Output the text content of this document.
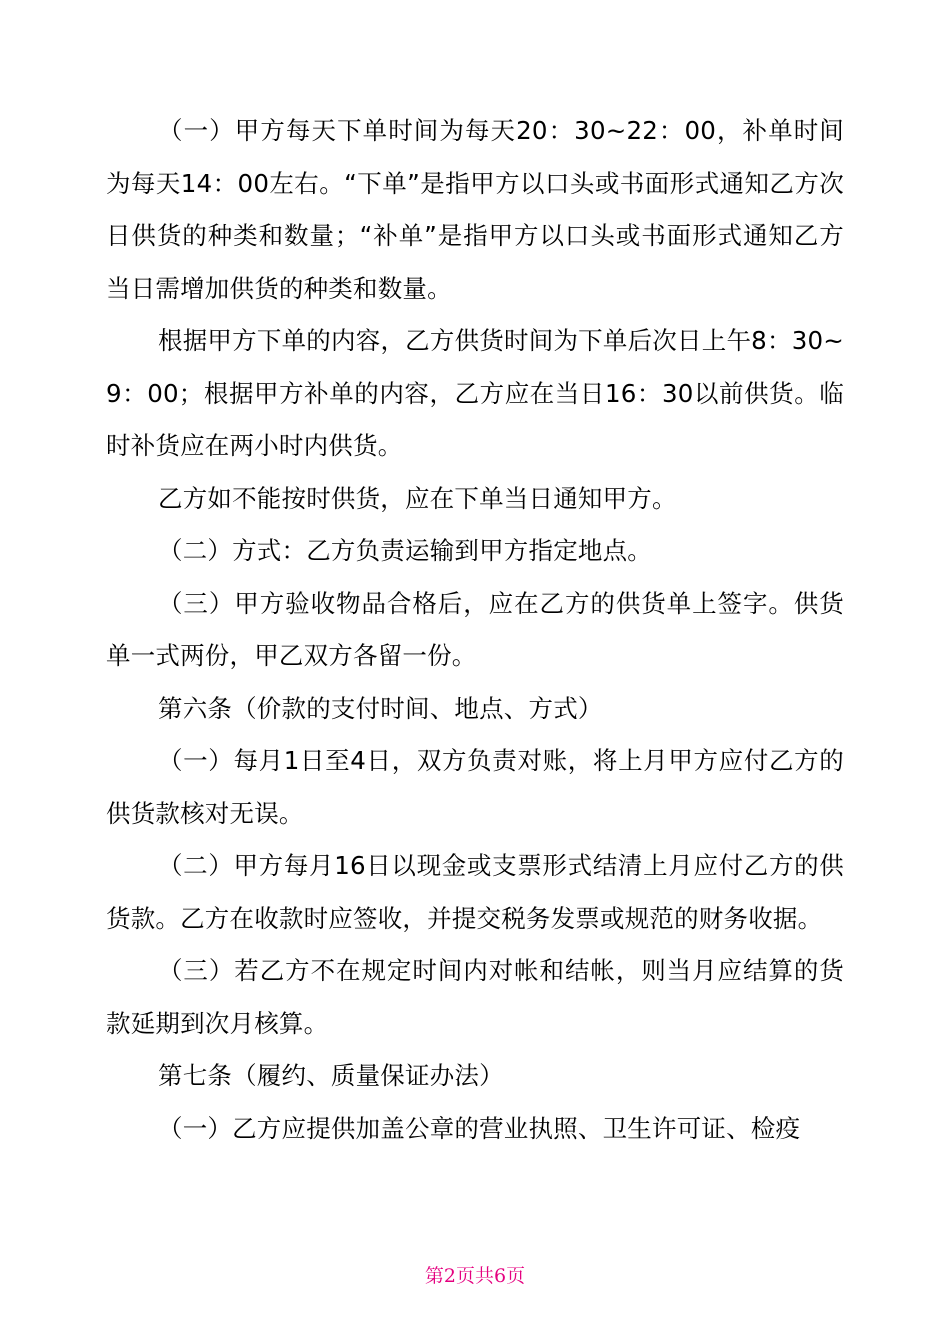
（一）甲方每天下单时间为每天20：30~22：00，补单时间为每天14：00左右。“下单”是指甲方以口头或书面形式通知乙方次日供货的种类和数量；“补单”是指甲方以口头或书面形式通知乙方当日需增加供货的种类和数量。

根据甲方下单的内容，乙方供货时间为下单后次日上午8：30~9：00；根据甲方补单的内容，乙方应在当日16：30以前供货。临时补货应在两小时内供货。

乙方如不能按时供货，应在下单当日通知甲方。

（二）方式：乙方负责运输到甲方指定地点。

（三）甲方验收物品合格后，应在乙方的供货单上签字。供货单一式两份，甲乙双方各留一份。

第六条（价款的支付时间、地点、方式）

（一）每月1日至4日，双方负责对账，将上月甲方应付乙方的供货款核对无误。

（二）甲方每月16日以现金或支票形式结清上月应付乙方的供货款。乙方在收款时应签收，并提交税务发票或规范的财务收据。

（三）若乙方不在规定时间内对帐和结帐，则当月应结算的货款延期到次月核算。

第七条（履约、质量保证办法）

（一）乙方应提供加盖公章的营业执照、卫生许可证、检疫

第2页共6页
